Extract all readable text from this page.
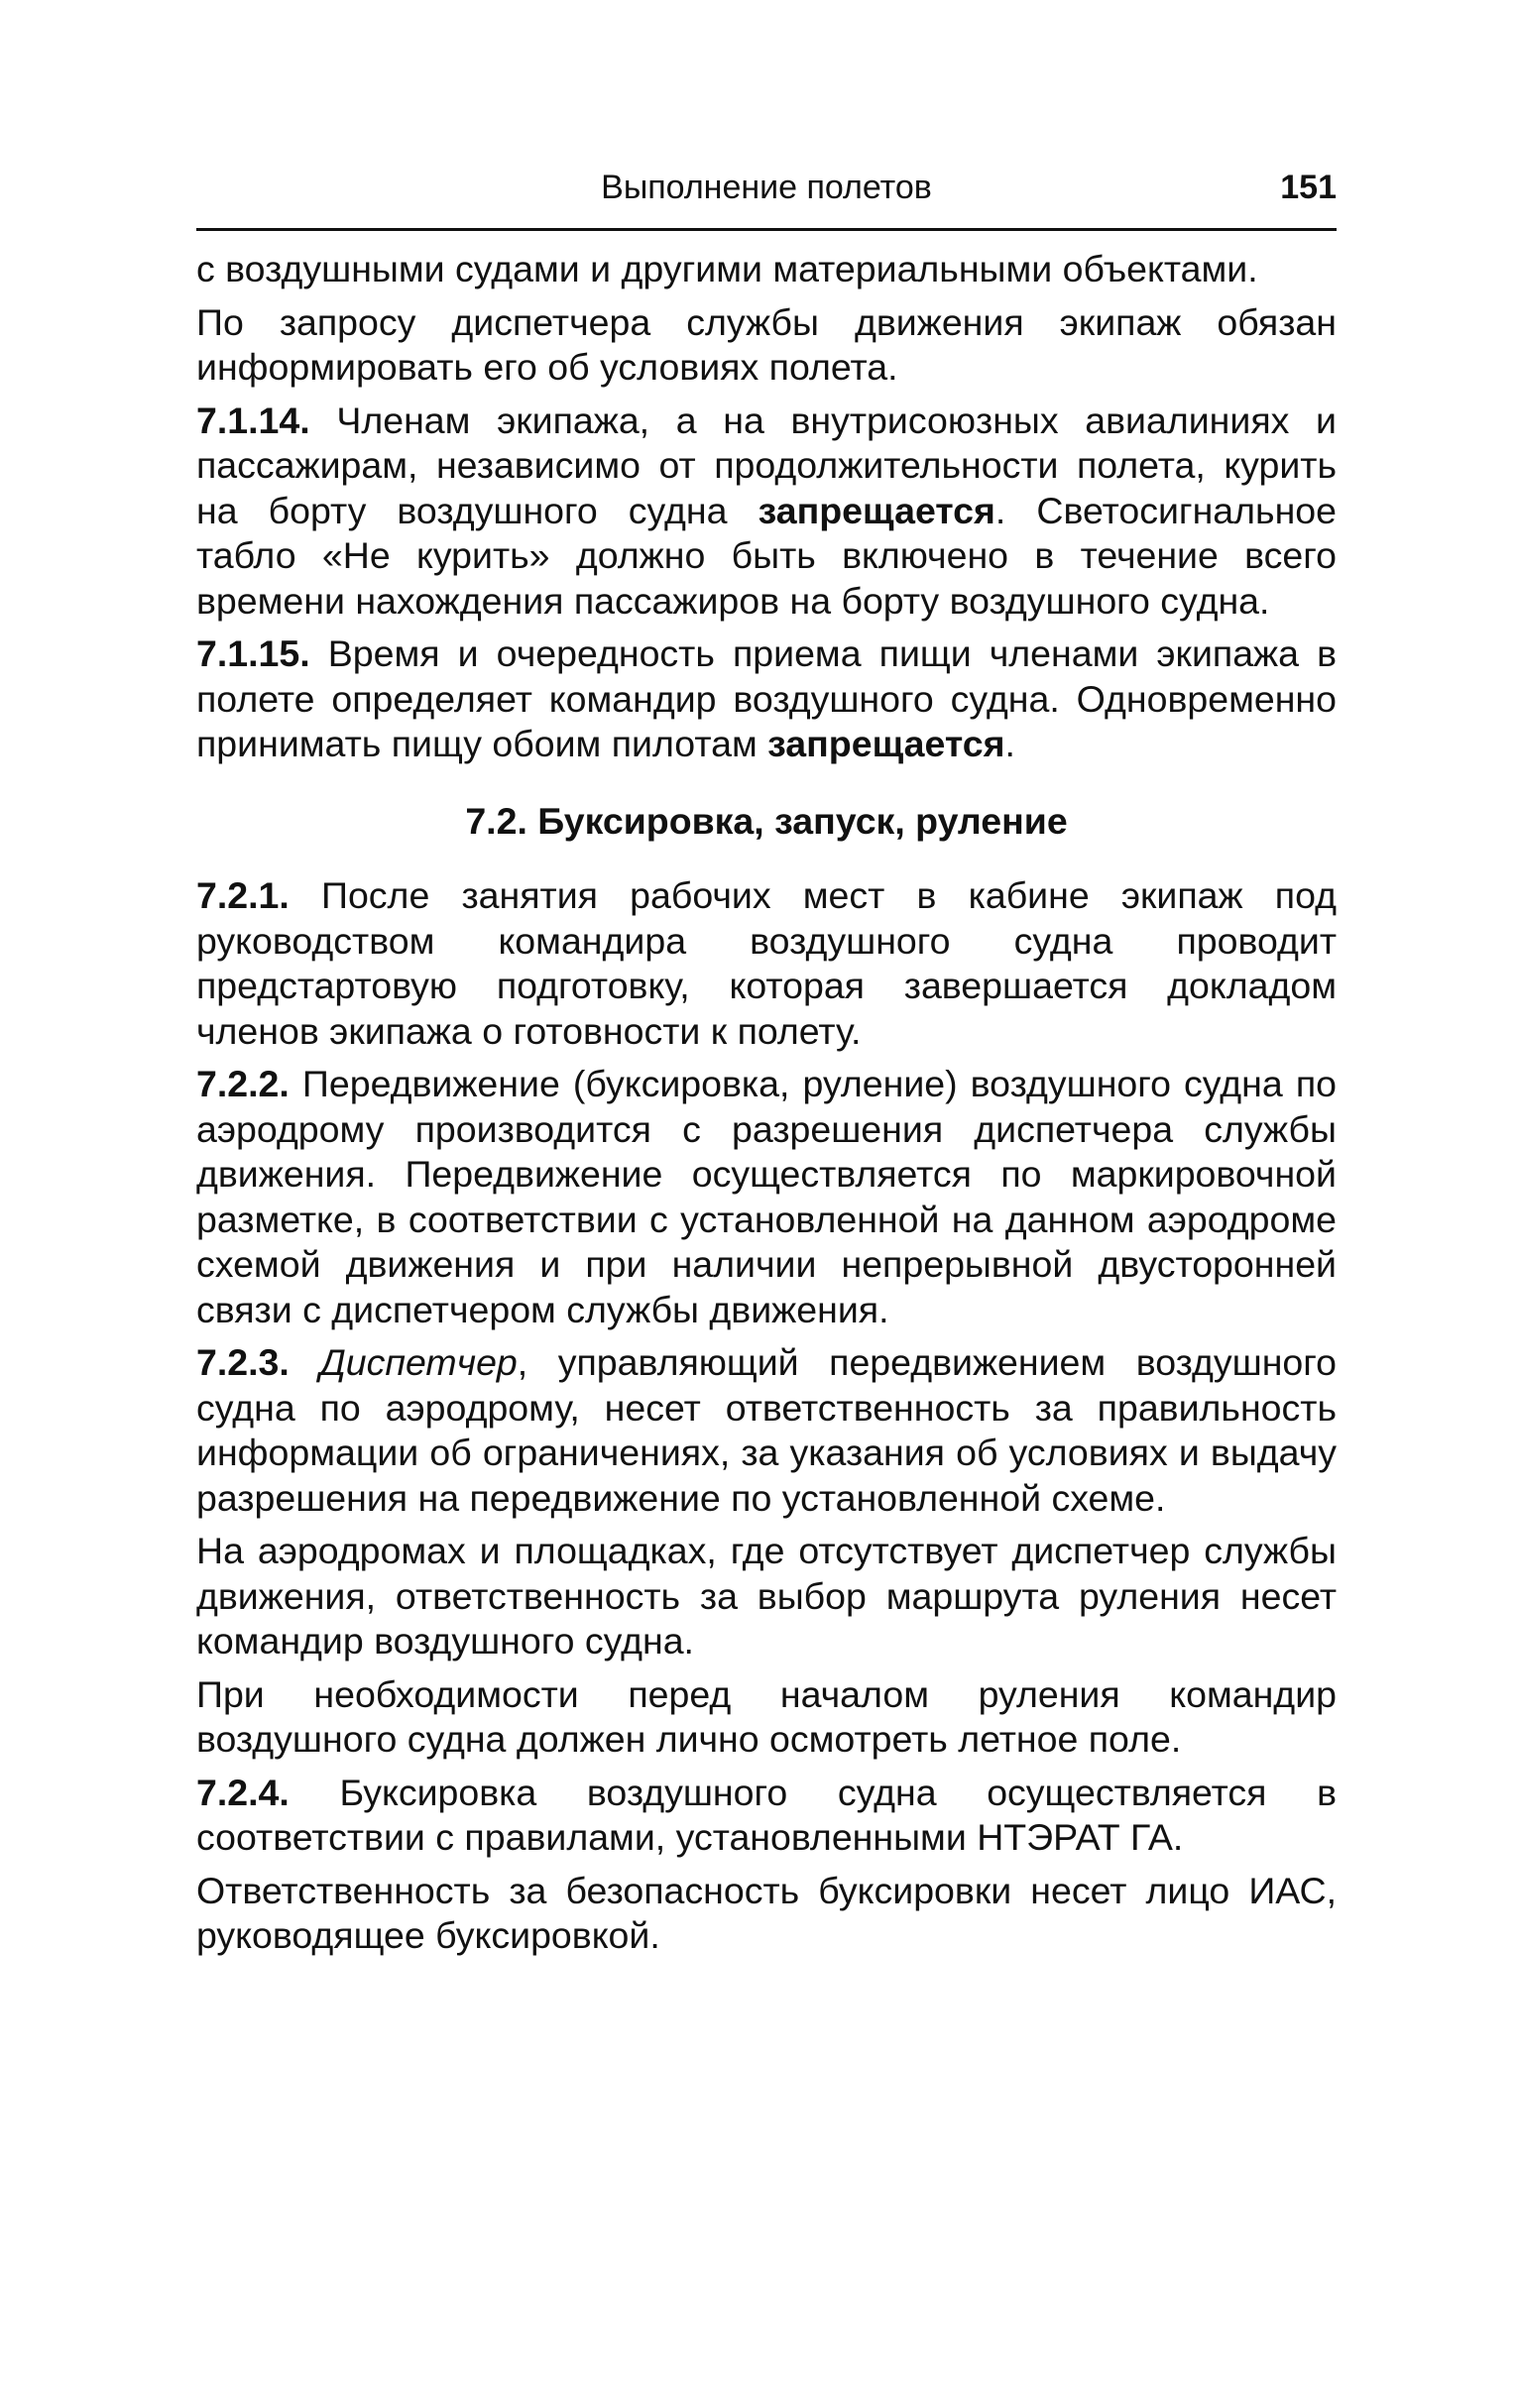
Выполнение полетов	151

с воздушными судами и другими материальными объектами.

По запросу диспетчера службы движения экипаж обязан информировать его об условиях полета.

7.1.14. Членам экипажа, а на внутрисоюзных авиалиниях и пассажирам, независимо от продолжительности полета, курить на борту воздушного судна запрещается. Светосигнальное табло «Не курить» должно быть включено в течение всего времени нахождения пассажиров на борту воздушного судна.

7.1.15. Время и очередность приема пищи членами экипажа в полете определяет командир воздушного судна. Одновременно принимать пищу обоим пилотам запрещается.

7.2. Буксировка, запуск, руление

7.2.1. После занятия рабочих мест в кабине экипаж под руководством командира воздушного судна проводит предстартовую подготовку, которая завершается докладом членов экипажа о готовности к полету.

7.2.2. Передвижение (буксировка, руление) воздушного судна по аэродрому производится с разрешения диспетчера службы движения. Передвижение осуществляется по маркировочной разметке, в соответствии с установленной на данном аэродроме схемой движения и при наличии непрерывной двусторонней связи с диспетчером службы движения.

7.2.3. Диспетчер, управляющий передвижением воздушного судна по аэродрому, несет ответственность за правильность информации об ограничениях, за указания об условиях и выдачу разрешения на передвижение по установленной схеме.

На аэродромах и площадках, где отсутствует диспетчер службы движения, ответственность за выбор маршрута руления несет командир воздушного судна.

При необходимости перед началом руления командир воздушного судна должен лично осмотреть летное поле.

7.2.4. Буксировка воздушного судна осуществляется в соответствии с правилами, установленными НТЭРАТ ГА.

Ответственность за безопасность буксировки несет лицо ИАС, руководящее буксировкой.
